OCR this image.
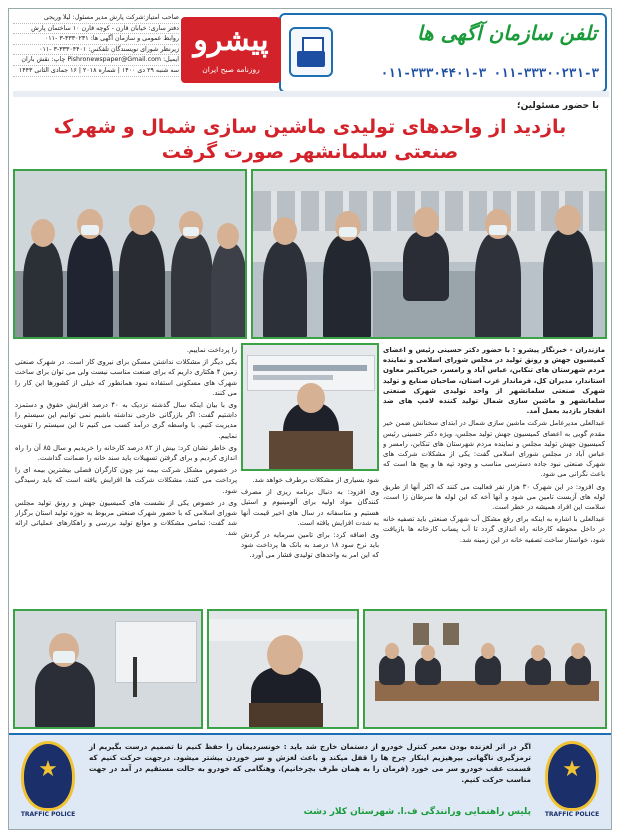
تلفن سازمان آگهی ها
۰۱۱-۳۳۳۰۰۲۳۱-۳ ۰۱۱-۳۳۳۰۴۴۰۱-۳
پیشرو
روزنامه صبح ایران
صاحب امتیاز:شرکت پارش مدیر مسئول: لیلا وریجی
دفتر ساری: خیابان قارن - کوچه قارن ۱۰ ساختمان پارش
روابط عمومی و سازمان آگهی ها: ۳۳۳۰۲۳۱-۳ -۰۱۱
زیرنظر شورای نویسندگان تلفکس: ۳۳۳۰۴۴۰۱-۳ -۰۱۱
ایمیل: Pishronewspaper@Gmail.com چاپ: نقش باران
سه شنبه ۲۹ دی ۱۴۰۰ | شماره ۲۰۱۸ | ۱۶ جمادی الثانی ۱۴۴۳
با حضور مسئولین؛
بازدید از واحدهای تولیدی ماشین سازی شمال و شهرک صنعتی سلمانشهر صورت گرفت

مازندران - خبرنگار پیشرو : با حضور دکتر حسینی رئیس و اعضای کمیسیون جهش و رونق تولید در مجلس شورای اسلامی و نماینده مردم شهرستان های تنکابن، عباس آباد و رامسر، خیرپاکنیر معاون استاندار، مدیران کل، فرماندار غرب استان، صاحبان صنایع و تولید شهرک صنعتی سلمانشهر از واحد تولیدی شهرک صنعتی سلمانشهر و ماشین سازی شمال تولید کننده لامپ های ضد انفجار بازدید بعمل آمد.

عبدالعلی مدیرعامل شرکت ماشین سازی شمال در ابتدای سخنانش ضمن خیر مقدم گویی به اعضای کمیسیون جهش تولید مجلس، ویژه دکتر حسینی رئیس کمیسیون جهش تولید مجلس و نماینده مردم شهرستان های تنکابن، رامسر و عباس آباد در مجلس شورای اسلامی گفت: یکی از مشکلات شرکت های شهرک صنعتی نبود جاده دسترسی مناسب و وجود تپه ها و پیچ ها است که باعث نگرانی می شود.

وی افزود: در این شهرک ۳۰ هزار نفر فعالیت می کنند که اکثر آنها از طریق لوله های آزبست تامین می شود و آنها آخه که این لوله ها سرطان زا است، سلامت این افراد همیشه در خطر است.

عبدالعلی با اشاره به اینکه برای رفع مشکل آب شهرک صنعتی باید تصفیه خانه در داخل محوطه کارخانه راه اندازی گردد تا آب پساب کارخانه ها بازیافت شود، خواستار ساخت تصفیه خانه در این زمینه شد.

را پرداخت نماییم.

یکی دیگر از مشکلات نداشتن مسکن برای نیروی کار است. در شهرک صنعتی زمین ۴ هکتاری داریم که برای صنعت مناسب نیست ولی می توان برای ساخت شهرک های مسکونی استفاده نمود همانطور که خیلی از کشورها این کار را می کنند.

وی با بیان اینکه سال گذشته نزدیک به ۴۰ درصد افزایش حقوق و دستمزد داشتیم گفت: اگر بازرگانی خارجی نداشته باشیم نمی توانیم این سیستم را مدیریت کنیم. با واسطه گری درآمد کسب می کنیم تا این سیستم را تقویت نماییم.

وی خاطر نشان کرد: بیش از ۸۲ درصد کارخانه را خریدیم و سال ۸۵ آن را راه اندازی کردیم و برای گرفتن تسهیلات باید سند خانه را ضمانت گذاشت.

در خصوص مشکل شرکت بیمه نیز چون کارگران فصلی بیشترین بیمه ای را پرداخت می کنند، مشکلات شرکت ها افزایش یافته است که باید رسیدگی شود.

وی در خصوص یکی از نشست های کمیسیون جهش و رونق تولید مجلس شورای اسلامی که با حضور شهرک صنعتی مربوط به حوزه تولید استان برگزار شد گفت: تمامی مشکلات و موانع تولید بررسی و راهکارهای عملیاتی ارائه شد.

شود بسیاری از مشکلات برطرف خواهد شد.

وی افزود: به دنبال برنامه ریزی از مصرف کنندگان مواد اولیه برای آلومینیوم و استیل هستیم و متاسفانه در سال های اخیر قیمت آنها به شدت افزایش یافته است.

وی اضافه کرد: برای تامین سرمایه در گردش باید نرخ سود ۱۸ درصد به بانک ها پرداخت شود که این امر به واحدهای تولیدی فشار می آورد.

★
TRAFFIC POLICE
اگر در اثر لغزنده بودن معبر کنترل خودرو از دستمان خارج شد باید : خونسردیمان را حفظ کنیم تا تصمیم درست بگیریم از ترمزگیری ناگهانی بپرهیزیم اینکار چرخ ها را قفل میکند و باعث لغزش و سر خوردن بیشتر میشود. درجهت حرکت کنیم که قسمت عقب خودرو سر می خورد (فرمان را به همان طرف بچرخانیم). وهنگامی که خودرو به حالت مستقیم در آمد در جهت مناسب حرکت کنیم.
پلیس راهنمایی ورانندگی ف.ا. شهرستان کلار دشت
★
TRAFFIC POLICE
